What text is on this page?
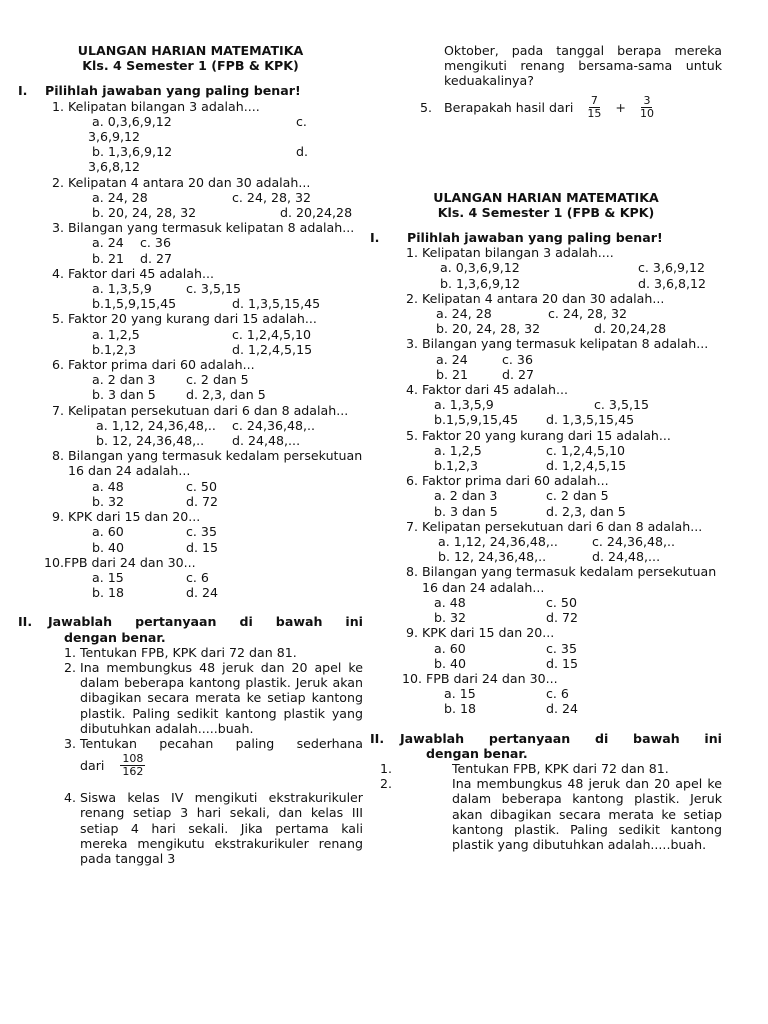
ULANGAN HARIAN MATEMATIKA
Kls. 4 Semester 1 (FPB & KPK)
I.	Pilihlah jawaban yang paling benar!
1. Kelipatan bilangan 3 adalah....
a. 0,3,6,9,12	c.
3,6,9,12
b. 1,3,6,9,12	d.
3,6,8,12
2. Kelipatan 4 antara 20 dan 30 adalah...
a. 24, 28	c. 24, 28, 32
b. 20, 24, 28, 32	d. 20,24,28
3. Bilangan yang termasuk kelipatan 8 adalah...
a. 24	c. 36
b. 21	d. 27
4. Faktor dari 45 adalah...
a. 1,3,5,9	c. 3,5,15
b.1,5,9,15,45	d. 1,3,5,15,45
5. Faktor 20 yang kurang dari 15 adalah...
a. 1,2,5	c. 1,2,4,5,10
b.1,2,3	d. 1,2,4,5,15
6. Faktor prima dari 60 adalah...
a. 2 dan 3	c. 2 dan 5
b. 3 dan 5	d. 2,3, dan 5
7. Kelipatan persekutuan dari 6 dan 8 adalah...
a. 1,12, 24,36,48,..	c. 24,36,48,..
b. 12, 24,36,48,..	d. 24,48,...
8. Bilangan yang termasuk kedalam persekutuan 16 dan 24 adalah...
a. 48	c. 50
b. 32	d. 72
9. KPK dari 15 dan 20...
a. 60	c. 35
b. 40	d. 15
10. FPB dari 24 dan 30...
a. 15	c. 6
b. 18	d. 24
II.	Jawablah pertanyaan di bawah ini
dengan benar.
1. Tentukan FPB, KPK dari 72 dan 81.
2. Ina membungkus 48 jeruk dan 20 apel ke dalam beberapa kantong plastik. Jeruk akan dibagikan secara merata ke setiap kantong plastik. Paling sedikit kantong plastik yang dibutuhkan adalah.....buah.
3. Tentukan pecahan paling sederhana
dari $\frac{108}{162}$
4. Siswa kelas IV mengikuti ekstrakurikuler renang setiap 3 hari sekali, dan kelas III setiap 4 hari sekali. Jika pertama kali mereka mengikutu ekstrakurikuler renang pada tanggal 3
Oktober, pada tanggal berapa mereka mengikuti renang bersama-sama untuk keduakalinya?
5. Berapakah hasil dari $\frac{7}{15} + \frac{3}{10}$
ULANGAN HARIAN MATEMATIKA
Kls. 4 Semester 1 (FPB & KPK)
I.	Pilihlah jawaban yang paling benar!
1. Kelipatan bilangan 3 adalah....
a. 0,3,6,9,12	c. 3,6,9,12
b. 1,3,6,9,12	d. 3,6,8,12
2. Kelipatan 4 antara 20 dan 30 adalah...
a. 24, 28	c. 24, 28, 32
b. 20, 24, 28, 32	d. 20,24,28
3. Bilangan yang termasuk kelipatan 8 adalah...
a. 24	c. 36
b. 21	d. 27
4. Faktor dari 45 adalah...
a. 1,3,5,9	c. 3,5,15
b.1,5,9,15,45	d. 1,3,5,15,45
5. Faktor 20 yang kurang dari 15 adalah...
a. 1,2,5	c. 1,2,4,5,10
b.1,2,3	d. 1,2,4,5,15
6. Faktor prima dari 60 adalah...
a. 2 dan 3	c. 2 dan 5
b. 3 dan 5	d. 2,3, dan 5
7. Kelipatan persekutuan dari 6 dan 8 adalah...
a. 1,12, 24,36,48,..	c. 24,36,48,..
b. 12, 24,36,48,..	d. 24,48,...
8. Bilangan yang termasuk kedalam persekutuan 16 dan 24 adalah...
a. 48	c. 50
b. 32	d. 72
9. KPK dari 15 dan 20...
a. 60	c. 35
b. 40	d. 15
10. FPB dari 24 dan 30...
a. 15	c. 6
b. 18	d. 24
II.	Jawablah pertanyaan di bawah ini
dengan benar.
1.	Tentukan FPB, KPK dari 72 dan 81.
2.	Ina membungkus 48 jeruk dan 20 apel ke dalam beberapa kantong plastik. Jeruk akan dibagikan secara merata ke setiap kantong plastik. Paling sedikit kantong plastik yang dibutuhkan adalah.....buah.
